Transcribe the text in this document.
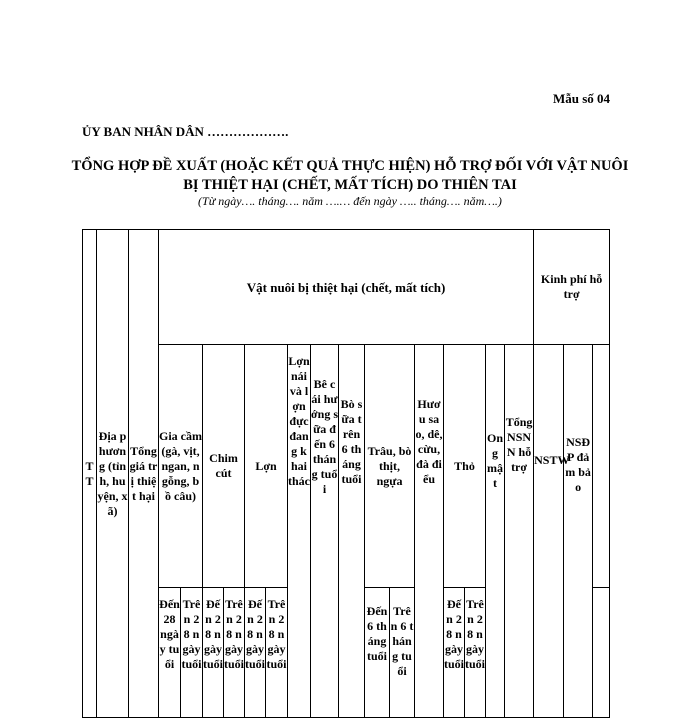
Mẫu số 04
ỦY BAN NHÂN DÂN ……………….
TỔNG HỢP ĐỀ XUẤT (HOẶC KẾT QUẢ THỰC HIỆN) HỖ TRỢ ĐỐI VỚI VẬT NUÔI BỊ THIỆT HẠI (CHẾT, MẤT TÍCH) DO THIÊN TAI
(Từ ngày…. tháng…. năm ….… đến ngày ….. tháng…. năm….)
TT	Địa phương (tỉnh, huyện, xã)	Tổng giá trị thiệt hại	Vật nuôi bị thiệt hại (chết, mất tích)																Kinh phí hỗ trợ	
			Gia cầm (gà, vịt, ngan, ngỗng, bồ câu)		Chim cút		Lợn		Lợn nái và lợn đực đang khai thác	Bê cái hướng sữa đến 6 tháng tuổi	Bò sữa trên 6 tháng tuổi	Trâu, bò thịt, ngựa		Hươu sao, dê, cừu, đà điểu	Thỏ		Ong mật	Tổng NSNN hỗ trợ	NSTW	NSĐP đảm bảo		
			Đến 28 ngày tuổi	Trên 28 ngày tuổi	Đến 28 ngày tuổi	Trên 28 ngày tuổi	Đến 28 ngày tuổi	Trên 28 ngày tuổi				Đến 6 tháng tuổi	Trên 6 tháng tuổi		Đến 28 ngày tuổi	Trên 28 ngày tuổi						
